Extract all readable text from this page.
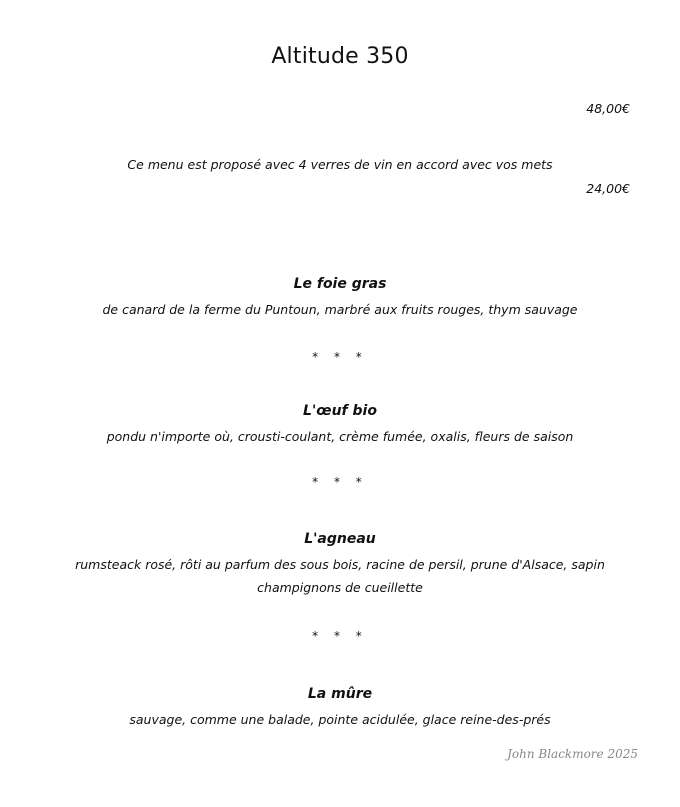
Altitude 350
48,00€
Ce menu est proposé avec 4 verres de vin en accord avec vos mets
24,00€
Le foie gras
de canard de la ferme du Puntoun, marbré aux fruits rouges, thym sauvage
* * *
L'œuf bio
pondu n'importe où, crousti-coulant, crème fumée, oxalis, fleurs de saison
* * *
L'agneau
rumsteack rosé, rôti au parfum des sous bois, racine de persil, prune d'Alsace, sapin champignons de cueillette
* * *
La mûre
sauvage, comme une balade, pointe acidulée, glace reine-des-prés
John Blackmore 2025
